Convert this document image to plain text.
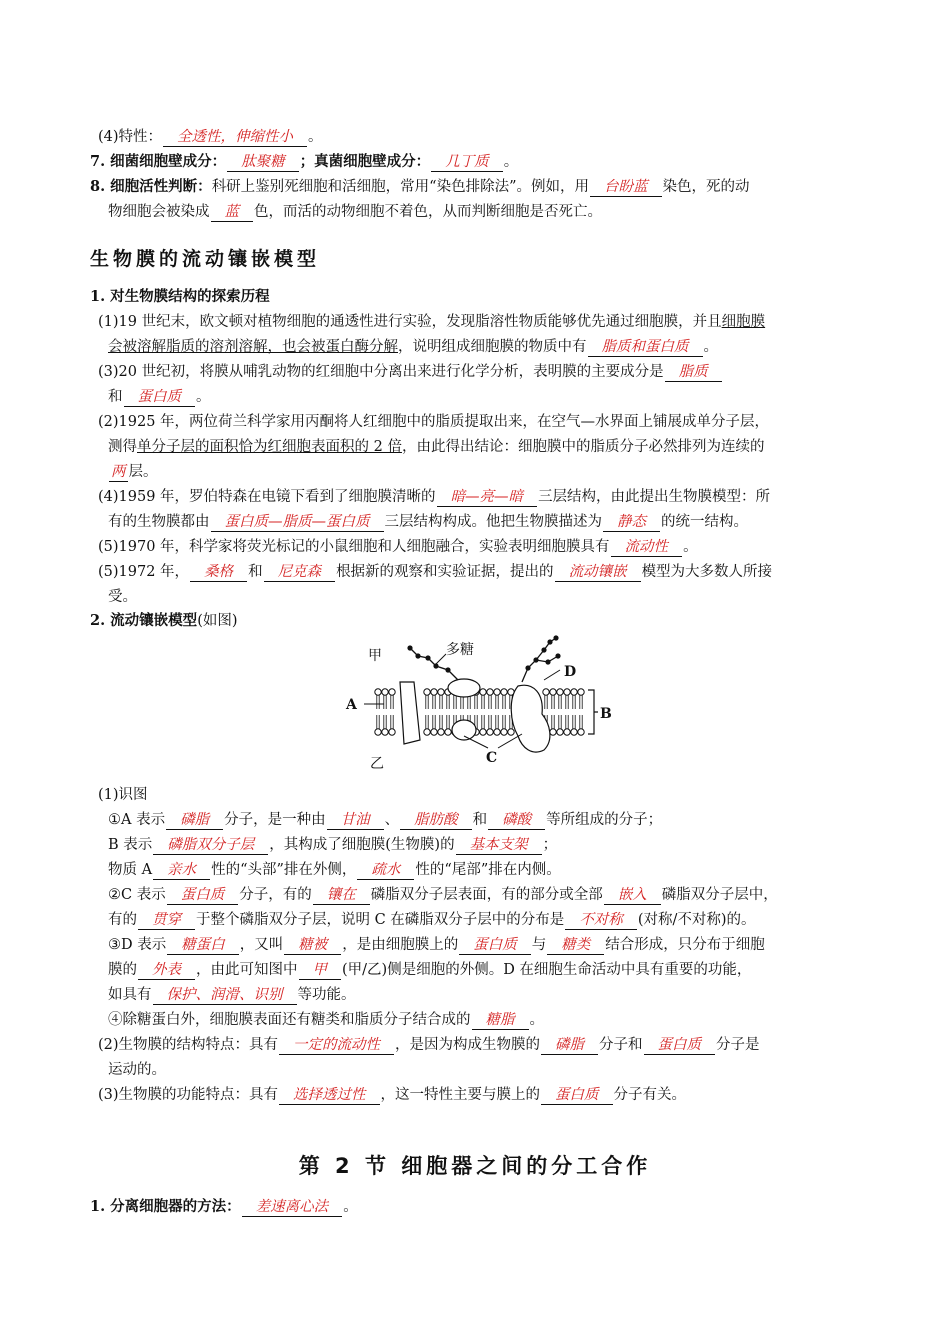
(4)特性： 全透性，伸缩性小 。
7. 细菌细胞壁成分： 肽聚糖 ；真菌细胞壁成分： 几丁质 。
8. 细胞活性判断：科研上鉴别死细胞和活细胞，常用“染色排除法”。例如，用 台盼蓝 染色，死的动
物细胞会被染成 蓝 色，而活的动物细胞不着色，从而判断细胞是否死亡。
生物膜的流动镶嵌模型
1. 对生物膜结构的探索历程
(1)19 世纪末，欧文顿对植物细胞的通透性进行实验，发现脂溶性物质能够优先通过细胞膜，并且细胞膜
会被溶解脂质的溶剂溶解，也会被蛋白酶分解，说明组成细胞膜的物质中有 脂质和蛋白质 。
(3)20 世纪初，将膜从哺乳动物的红细胞中分离出来进行化学分析，表明膜的主要成分是 脂质
和 蛋白质 。
(2)1925 年，两位荷兰科学家用丙酮将人红细胞中的脂质提取出来，在空气—水界面上铺展成单分子层，
测得单分子层的面积恰为红细胞表面积的 2 倍，由此得出结论：细胞膜中的脂质分子必然排列为连续的
两 层。
(4)1959 年，罗伯特森在电镜下看到了细胞膜清晰的 暗—亮—暗 三层结构，由此提出生物膜模型：所
有的生物膜都由 蛋白质—脂质—蛋白质 三层结构构成。他把生物膜描述为 静态 的统一结构。
(5)1970 年，科学家将荧光标记的小鼠细胞和人细胞融合，实验表明细胞膜具有 流动性 。
(5)1972 年， 桑格 和 尼克森 根据新的观察和实验证据，提出的 流动镶嵌 模型为大多数人所接
受。
2. 流动镶嵌模型(如图)
甲
乙
多糖
A
B
C
D
(1)识图
①A 表示 磷脂 分子，是一种由 甘油 、 脂肪酸 和 磷酸 等所组成的分子；
B 表示 磷脂双分子层 ，其构成了细胞膜(生物膜)的 基本支架 ；
物质 A 亲水 性的“头部”排在外侧， 疏水 性的“尾部”排在内侧。
②C 表示 蛋白质 分子，有的 镶在 磷脂双分子层表面，有的部分或全部 嵌入 磷脂双分子层中，
有的 贯穿 于整个磷脂双分子层，说明 C 在磷脂双分子层中的分布是 不对称 (对称/不对称)的。
③D 表示 糖蛋白 ，又叫 糖被 ，是由细胞膜上的 蛋白质 与 糖类 结合形成，只分布于细胞
膜的 外表 ，由此可知图中 甲 (甲/乙)侧是细胞的外侧。D 在细胞生命活动中具有重要的功能，
如具有 保护、润滑、识别 等功能。
④除糖蛋白外，细胞膜表面还有糖类和脂质分子结合成的 糖脂 。
(2)生物膜的结构特点：具有 一定的流动性 ，是因为构成生物膜的 磷脂 分子和 蛋白质 分子是
运动的。
(3)生物膜的功能特点：具有 选择透过性 ，这一特性主要与膜上的 蛋白质 分子有关。
第 2 节 细胞器之间的分工合作
1. 分离细胞器的方法： 差速离心法 。
